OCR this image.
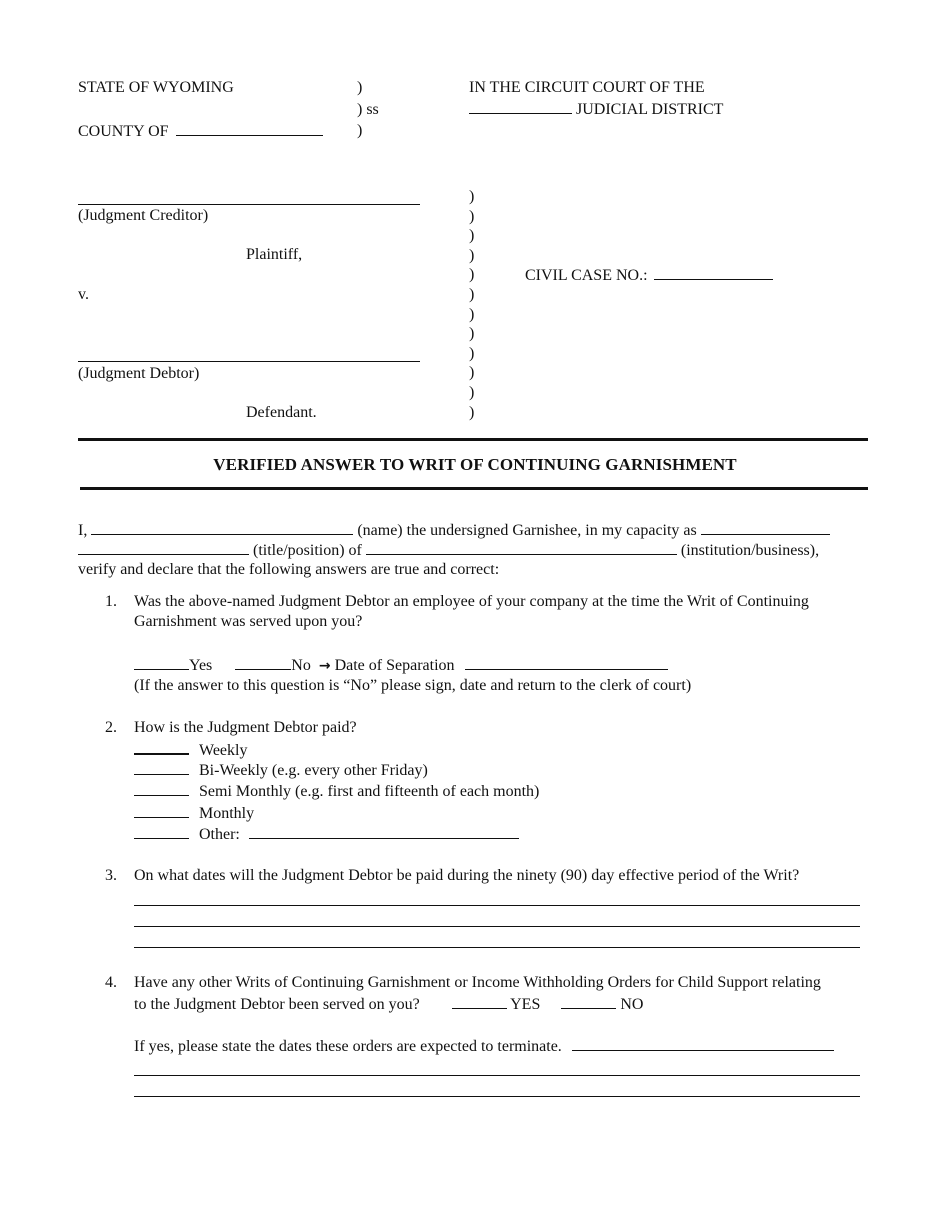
STATE OF WYOMING
COUNTY OF
)
) ss
)
IN THE CIRCUIT COURT OF THE
JUDICIAL DISTRICT
(Judgment Creditor)
Plaintiff,
v.
(Judgment Debtor)
Defendant.
)
)
)
)
)
)
)
)
)
)
)
)
CIVIL CASE NO.:
VERIFIED ANSWER TO WRIT OF CONTINUING GARNISHMENT
I,	(name) the undersigned Garnishee, in my capacity as
(title/position) of	(institution/business),
verify and declare that the following answers are true and correct:
1. Was the above-named Judgment Debtor an employee of your company at the time the Writ of Continuing
Garnishment was served upon you?
Yes	No → Date of Separation
(If the answer to this question is “No” please sign, date and return to the clerk of court)
2. How is the Judgment Debtor paid?
Weekly
Bi-Weekly (e.g. every other Friday)
Semi Monthly (e.g. first and fifteenth of each month)
Monthly
Other:
3. On what dates will the Judgment Debtor be paid during the ninety (90) day effective period of the Writ?
4. Have any other Writs of Continuing Garnishment or Income Withholding Orders for Child Support relating
to the Judgment Debtor been served on you?	YES	NO
If yes, please state the dates these orders are expected to terminate.
